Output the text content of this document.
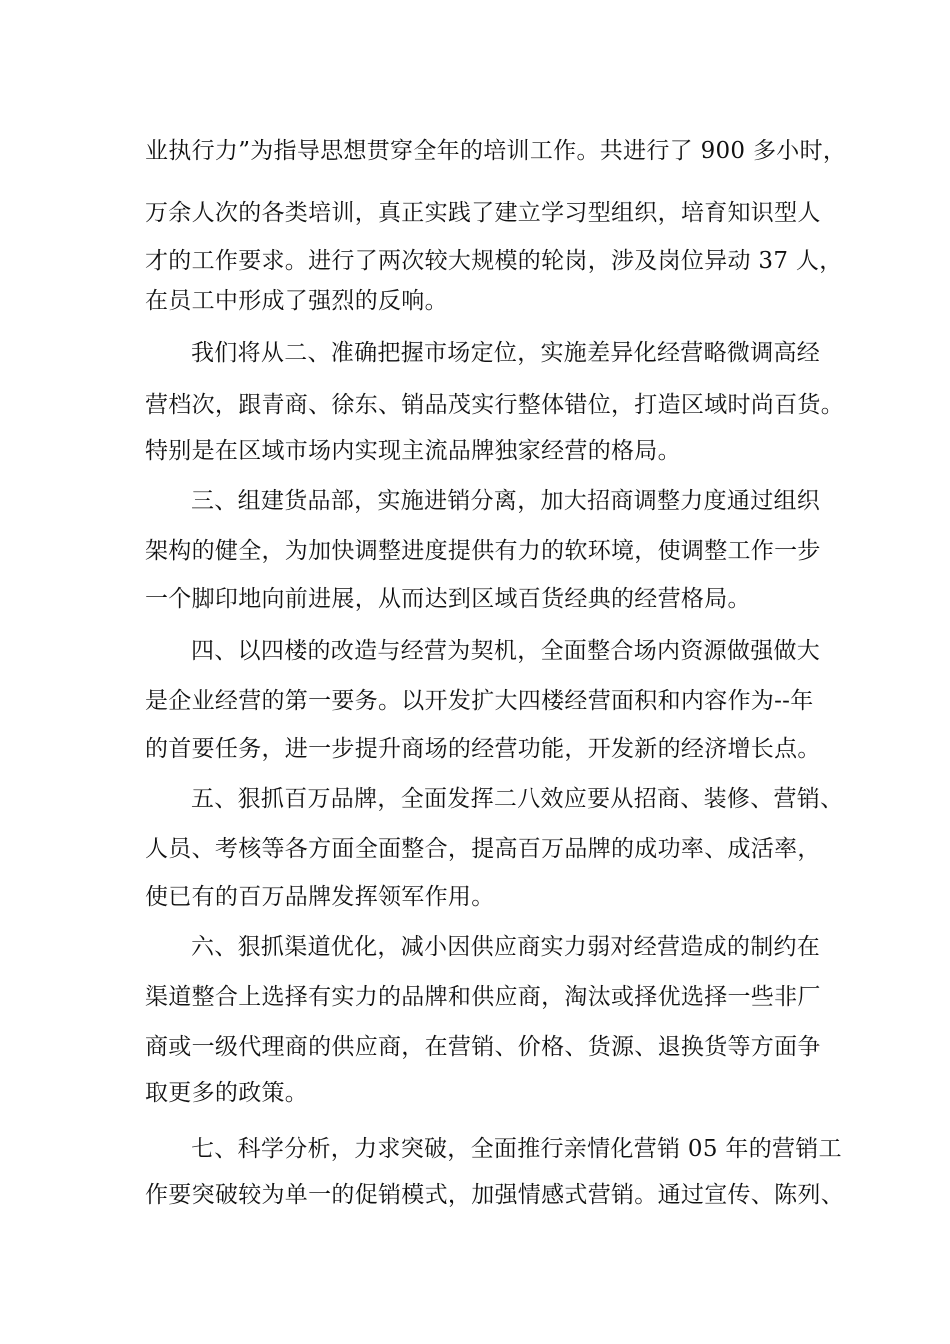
业执行力”为指导思想贯穿全年的培训工作。共进行了 900 多小时，
万余人次的各类培训，真正实践了建立学习型组织，培育知识型人
才的工作要求。进行了两次较大规模的轮岗，涉及岗位异动 37 人，
在员工中形成了强烈的反响。
我们将从二、准确把握市场定位，实施差异化经营略微调高经
营档次，跟青商、徐东、销品茂实行整体错位，打造区域时尚百货。
特别是在区域市场内实现主流品牌独家经营的格局。
三、组建货品部，实施进销分离，加大招商调整力度通过组织
架构的健全，为加快调整进度提供有力的软环境，使调整工作一步
一个脚印地向前进展，从而达到区域百货经典的经营格局。
四、以四楼的改造与经营为契机，全面整合场内资源做强做大
是企业经营的第一要务。以开发扩大四楼经营面积和内容作为--年
的首要任务，进一步提升商场的经营功能，开发新的经济增长点。
五、狠抓百万品牌，全面发挥二八效应要从招商、装修、营销、
人员、考核等各方面全面整合，提高百万品牌的成功率、成活率，
使已有的百万品牌发挥领军作用。
六、狠抓渠道优化，减小因供应商实力弱对经营造成的制约在
渠道整合上选择有实力的品牌和供应商，淘汰或择优选择一些非厂
商或一级代理商的供应商，在营销、价格、货源、退换货等方面争
取更多的政策。
七、科学分析，力求突破，全面推行亲情化营销 05 年的营销工
作要突破较为单一的促销模式，加强情感式营销。通过宣传、陈列、
